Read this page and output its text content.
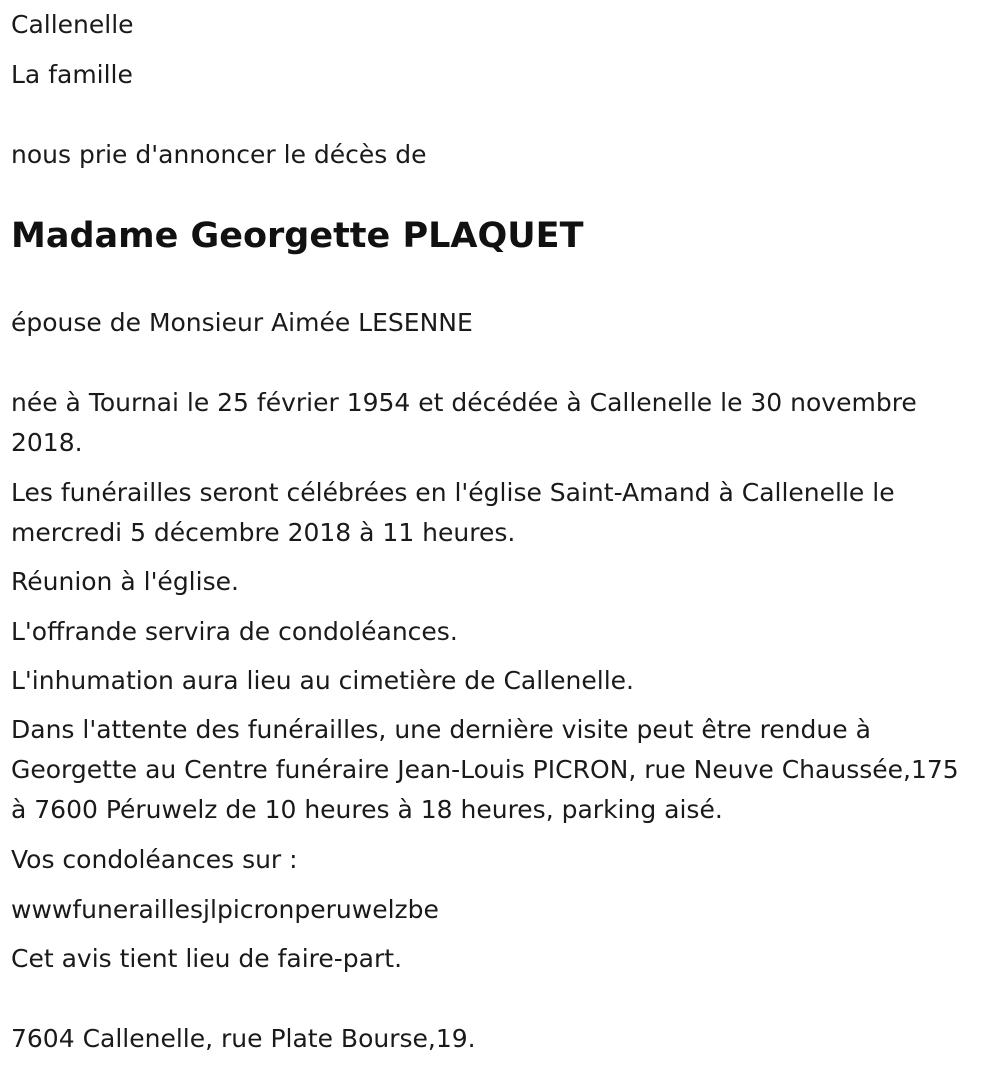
Callenelle

La famille

nous prie d'annoncer le décès de

Madame Georgette PLAQUET

épouse de Monsieur Aimée LESENNE

née à Tournai le 25 février 1954 et décédée à Callenelle le 30 novembre 2018.

Les funérailles seront célébrées en l'église Saint-Amand à Callenelle le mercredi 5 décembre 2018 à 11 heures.

Réunion à l'église.

L'offrande servira de condoléances.

L'inhumation aura lieu au cimetière de Callenelle.

Dans l'attente des funérailles, une dernière visite peut être rendue à Georgette au Centre funéraire Jean-Louis PICRON, rue Neuve Chaussée,175 à 7600 Péruwelz de 10 heures à 18 heures, parking aisé.

Vos condoléances sur :

wwwfuneraillesjlpicronperuwelzbe

Cet avis tient lieu de faire-part.

7604 Callenelle, rue Plate Bourse,19.
